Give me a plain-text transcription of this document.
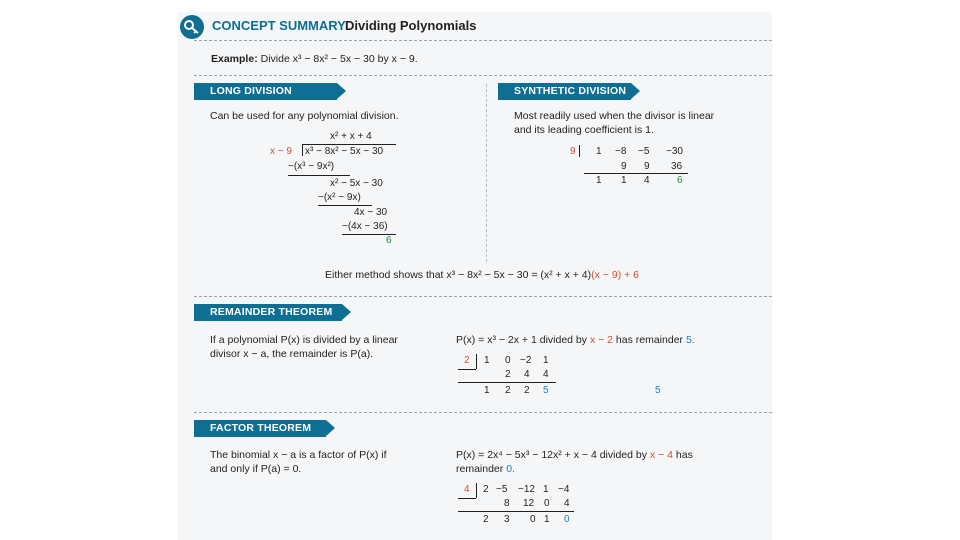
CONCEPT SUMMARY Dividing Polynomials
Example: Divide x³ − 8x² − 5x − 30 by x − 9.
LONG DIVISION
Can be used for any polynomial division.
x² + x + 4
x − 9 x³ − 8x² − 5x − 30
−(x³ − 9x²)
x² − 5x − 30
−(x² − 9x)
4x − 30
−(4x − 36)
6
SYNTHETIC DIVISION
Most readily used when the divisor is linear
and its leading coefficient is 1.
9 1 −8 −5 −30
9 9 36
1 1 4	6
Either method shows that x³ − 8x² − 5x − 30 = (x² + x + 4)(x − 9) + 6
REMAINDER THEOREM
If a polynomial P(x) is divided by a linear
divisor x − a, the remainder is P(a).
P(x) = x³ − 2x + 1 divided by x − 2 has remainder 5.
2 1 0 −2 1
2 4 4
1 2 2 5	5
FACTOR THEOREM
The binomial x − a is a factor of P(x) if
and only if P(a) = 0.
P(x) = 2x⁴ − 5x³ − 12x² + x − 4 divided by x − 4 has
remainder 0.
4 2 −5 −12 1 −4
8 12 0 4
2 3 0 1 0
